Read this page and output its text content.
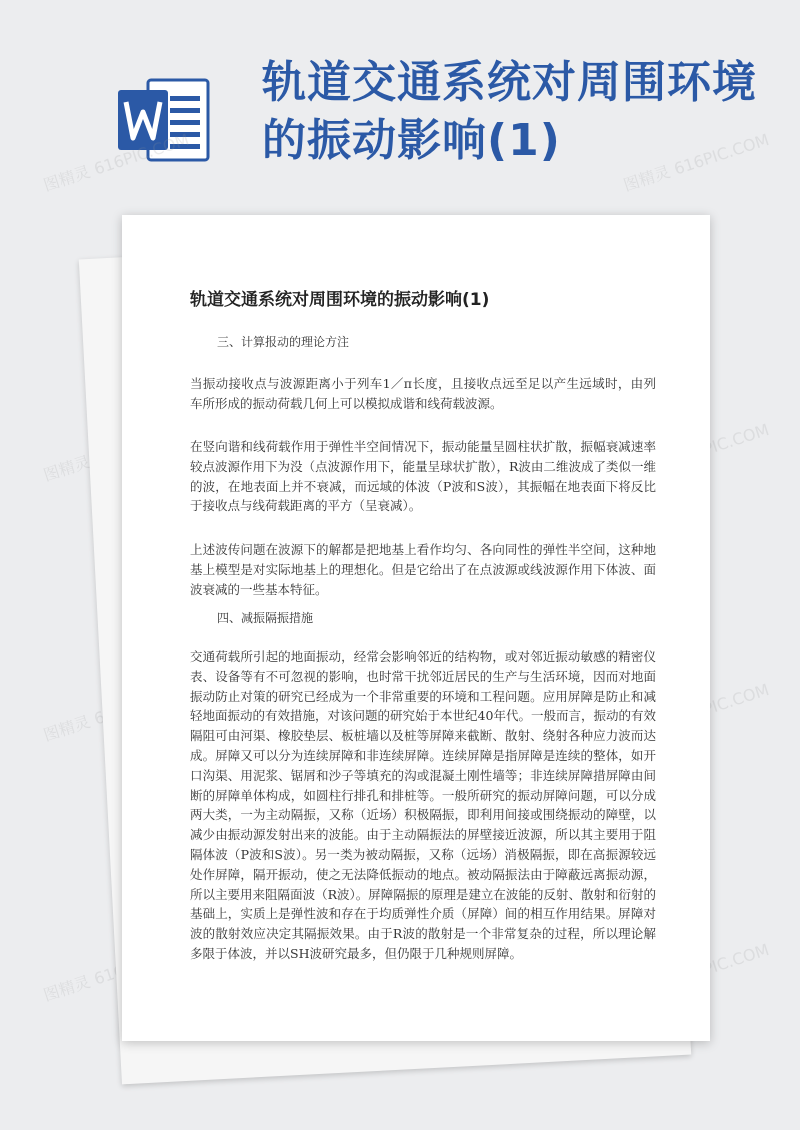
轨道交通系统对周围环境的振动影响(1)
图精灵 616PIC.COM	图精灵 616PIC.COM
图精灵	616PIC.COM
图精灵	616PIC.COM
图精灵	616PIC.COM
轨道交通系统对周围环境的振动影响(1)
三、计算报动的理论方注

当振动接收点与波源距离小于列车1／π长度，且接收点远至足以产生远域时，由列车所形成的振动荷载几何上可以模拟成谐和线荷载波源。

在竖向谐和线荷载作用于弹性半空间情况下，振动能量呈圆柱状扩散，振幅衰减速率较点波源作用下为没（点波源作用下，能量呈球状扩散），R波由二维波成了类似一维的波，在地表面上并不衰减，而远域的体波（P波和S波），其振幅在地表面下将反比于接收点与线荷载距离的平方（呈衰减）。

上述波传问题在波源下的解都是把地基上看作均匀、各向同性的弹性半空间，这种地基上模型是对实际地基上的理想化。但是它给出了在点波源或线波源作用下体波、面波衰减的一些基本特征。

四、减振隔振措施

交通荷载所引起的地面振动，经常会影响邻近的结构物，或对邻近振动敏感的精密仪表、设备等有不可忽视的影响，也时常干扰邻近居民的生产与生活环境，因而对地面振动防止对策的研究已经成为一个非常重要的环境和工程问题。应用屏障是防止和减轻地面振动的有效措施，对该问题的研究始于本世纪40年代。一般而言，振动的有效隔阻可由河渠、橡胶垫层、板桩墙以及桩等屏障来截断、散射、绕射各种应力波而达成。屏障又可以分为连续屏障和非连续屏障。连续屏障是指屏障是连续的整体，如开口沟渠、用泥浆、锯屑和沙子等填充的沟或混凝土刚性墙等；非连续屏障措屏障由间断的屏障单体构成，如圆柱行排孔和排桩等。一般所研究的振动屏障问题，可以分成两大类，一为主动隔振，又称（近场）积极隔振，即利用间接或围绕振动的障壁，以减少由振动源发射出来的波能。由于主动隔振法的屏壁接近波源，所以其主要用于阻隔体波（P波和S波）。另一类为被动隔振，又称（远场）消极隔振，即在高振源较远处作屏障，隔开振动，使之无法降低振动的地点。被动隔振法由于障蔽远离振动源，所以主要用来阻隔面波（R波）。屏障隔振的原理是建立在波能的反射、散射和衍射的基础上，实质上是弹性波和存在于均质弹性介质（屏障）间的相互作用结果。屏障对波的散射效应决定其隔振效果。由于R波的散射是一个非常复杂的过程，所以理论解多限于体波，并以SH波研究最多，但仍限于几种规则屏障。
